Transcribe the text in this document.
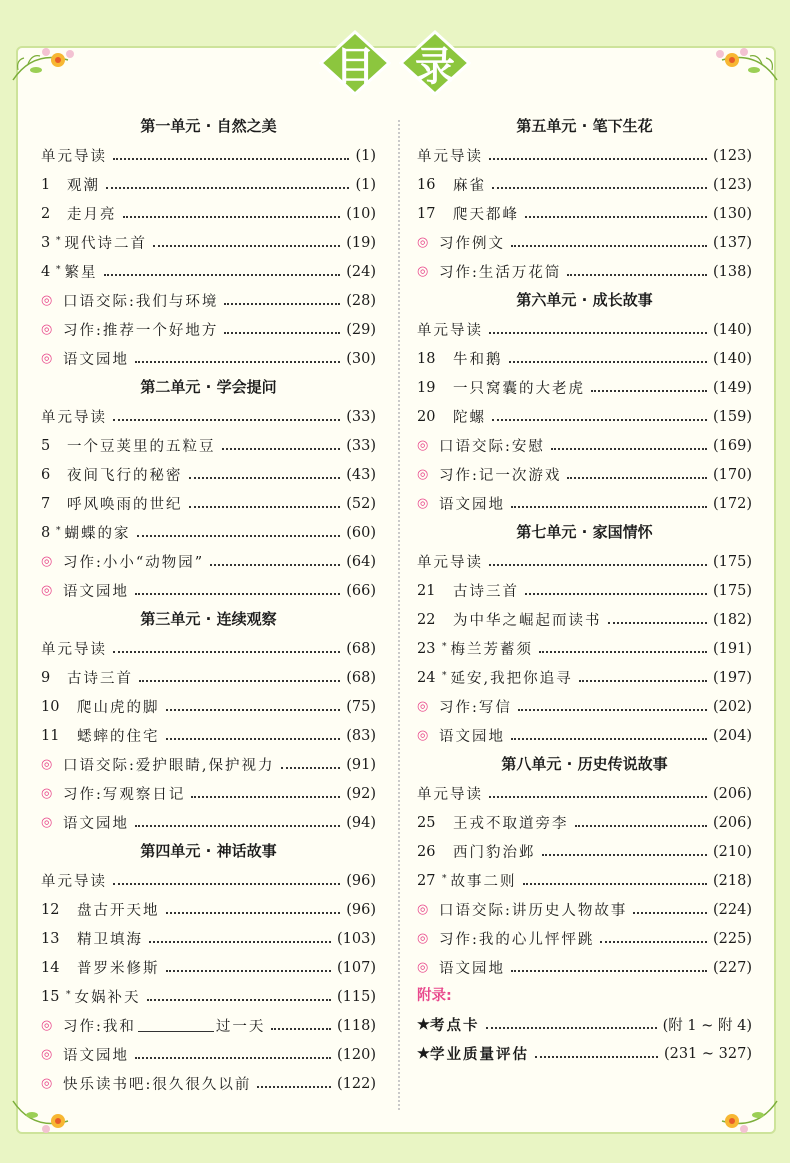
目 录
第一单元 · 自然之美
单元导读	(1)
1	观潮	(1)
2	走月亮	(10)
3 * 现代诗二首	(19)
4 * 繁星	(24)
◎ 口语交际:我们与环境	(28)
◎ 习作:推荐一个好地方	(29)
◎ 语文园地	(30)
第二单元 · 学会提问
单元导读	(33)
5	一个豆荚里的五粒豆	(33)
6	夜间飞行的秘密	(43)
7	呼风唤雨的世纪	(52)
8 * 蝴蝶的家	(60)
◎ 习作:小小“动物园”	(64)
◎ 语文园地	(66)
第三单元 · 连续观察
单元导读	(68)
9	古诗三首	(68)
10	爬山虎的脚	(75)
11	蟋蟀的住宅	(83)
◎ 口语交际:爱护眼睛,保护视力	(91)
◎ 习作:写观察日记	(92)
◎ 语文园地	(94)
第四单元 · 神话故事
单元导读	(96)
12	盘古开天地	(96)
13	精卫填海	(103)
14	普罗米修斯	(107)
15 * 女娲补天	(115)
◎ 习作:我和	过一天	(118)
◎ 语文园地	(120)
◎ 快乐读书吧:很久很久以前	(122)
第五单元 · 笔下生花
单元导读	(123)
16	麻雀	(123)
17	爬天都峰	(130)
◎ 习作例文	(137)
◎ 习作:生活万花筒	(138)
第六单元 · 成长故事
单元导读	(140)
18	牛和鹅	(140)
19	一只窝囊的大老虎	(149)
20	陀螺	(159)
◎ 口语交际:安慰	(169)
◎ 习作:记一次游戏	(170)
◎ 语文园地	(172)
第七单元 · 家国情怀
单元导读	(175)
21	古诗三首	(175)
22	为中华之崛起而读书	(182)
23 * 梅兰芳蓄须	(191)
24 * 延安,我把你追寻	(197)
◎ 习作:写信	(202)
◎ 语文园地	(204)
第八单元 · 历史传说故事
单元导读	(206)
25	王戎不取道旁李	(206)
26	西门豹治邺	(210)
27 * 故事二则	(218)
◎ 口语交际:讲历史人物故事	(224)
◎ 习作:我的心儿怦怦跳	(225)
◎ 语文园地	(227)
附录:
★ 考点卡	(附 1 ~ 附 4)
★ 学业质量评估	(231 ~ 327)
